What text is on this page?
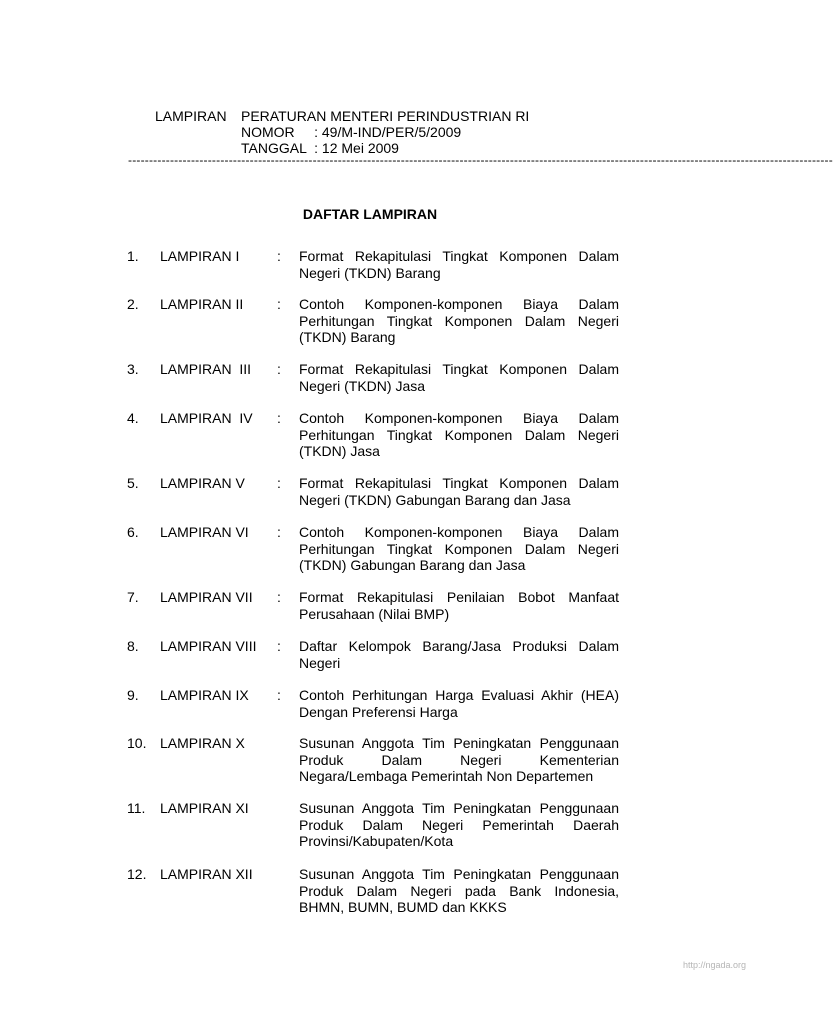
LAMPIRAN PERATURAN MENTERI PERINDUSTRIAN RI
NOMOR     : 49/M-IND/PER/5/2009
TANGGAL  : 12 Mei 2009
------------------------------------------------------------------------------------------------------------------------------------------------------------------------
DAFTAR LAMPIRAN
1. LAMPIRAN I	: Format Rekapitulasi Tingkat Komponen Dalam
Negeri (TKDN) Barang
2. LAMPIRAN II : Contoh Komponen-komponen Biaya Dalam
Perhitungan Tingkat Komponen Dalam Negeri
(TKDN) Barang
3. LAMPIRAN  III : Format Rekapitulasi Tingkat Komponen Dalam
Negeri (TKDN) Jasa
4. LAMPIRAN  IV : Contoh Komponen-komponen Biaya Dalam
Perhitungan Tingkat Komponen Dalam Negeri
(TKDN) Jasa
5. LAMPIRAN V : Format Rekapitulasi Tingkat Komponen Dalam
Negeri (TKDN) Gabungan Barang dan Jasa
6. LAMPIRAN VI : Contoh Komponen-komponen Biaya Dalam
Perhitungan Tingkat Komponen Dalam Negeri
(TKDN) Gabungan Barang dan Jasa
7. LAMPIRAN VII : Format Rekapitulasi Penilaian Bobot Manfaat
Perusahaan (Nilai BMP)
8. LAMPIRAN VIII : Daftar Kelompok Barang/Jasa Produksi Dalam
Negeri
9. LAMPIRAN IX : Contoh Perhitungan Harga Evaluasi Akhir (HEA)
Dengan Preferensi Harga
10. LAMPIRAN X	Susunan Anggota Tim Peningkatan Penggunaan
Produk Dalam Negeri Kementerian
Negara/Lembaga Pemerintah Non Departemen
11. LAMPIRAN XI	Susunan Anggota Tim Peningkatan Penggunaan
Produk Dalam Negeri Pemerintah Daerah
Provinsi/Kabupaten/Kota
12. LAMPIRAN XII	Susunan Anggota Tim Peningkatan Penggunaan
Produk Dalam Negeri pada Bank Indonesia,
BHMN, BUMN, BUMD dan KKKS
http://ngada.org
